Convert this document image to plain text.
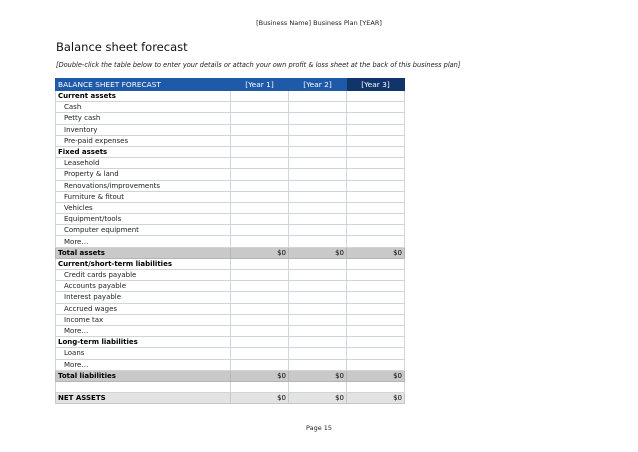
[Business Name] Business Plan [YEAR]
Balance sheet forecast
[Double-click the table below to enter your details or attach your own profit & loss sheet at the back of this business plan]
BALANCE SHEET FORECAST	[Year 1]	[Year 2]	[Year 3]
Current assets			
Cash			
Petty cash			
Inventory			
Pre-paid expenses			
Fixed assets			
Leasehold			
Property & land			
Renovations/improvements			
Furniture & fitout			
Vehicles			
Equipment/tools			
Computer equipment			
More…			
Total assets	$0	$0	$0
Current/short-term liabilities			
Credit cards payable			
Accounts payable			
Interest payable			
Accrued wages			
Income tax			
More…			
Long-term liabilities			
Loans			
More…			
Total liabilities	$0	$0	$0

NET ASSETS	$0	$0	$0
Page 15
